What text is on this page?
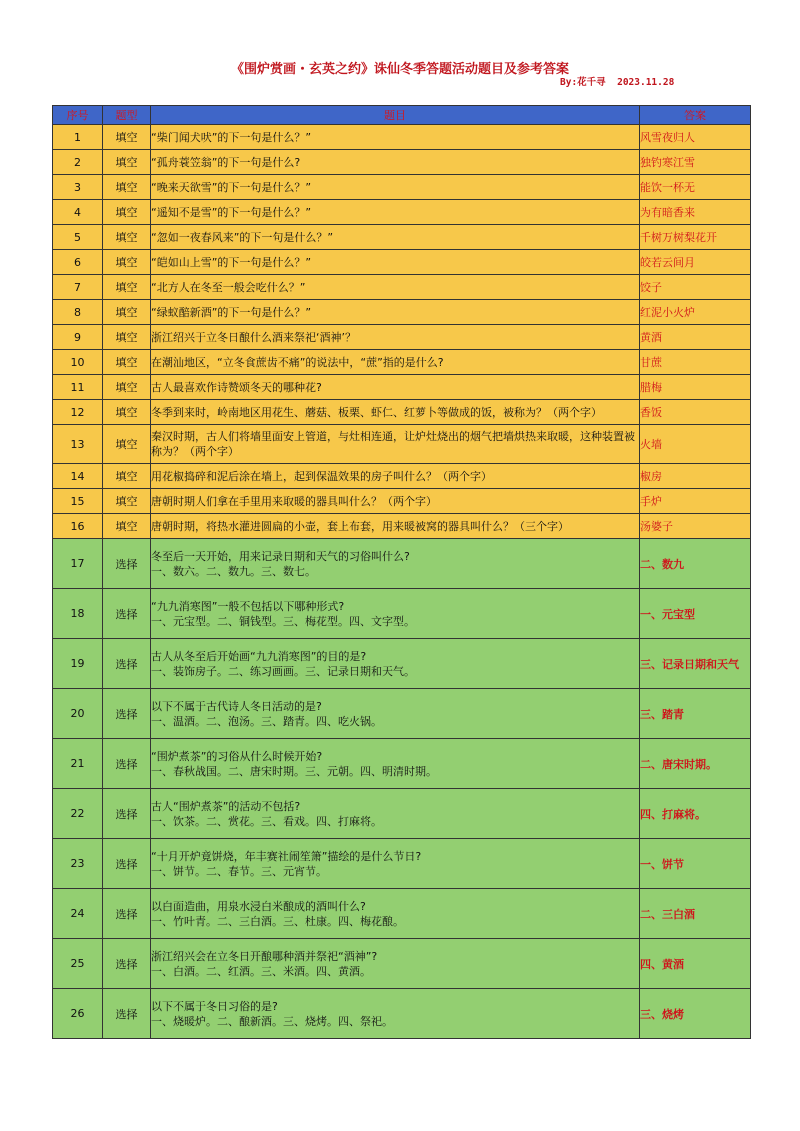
《围炉赏画・玄英之约》诛仙冬季答题活动题目及参考答案
By:花千寻  2023.11.28
序号	题型	题目	答案
1	填空	“柴门闻犬吠”的下一句是什么？”	风雪夜归人
2	填空	“孤舟蓑笠翁”的下一句是什么?	独钓寒江雪
3	填空	“晚来天欲雪”的下一句是什么？”	能饮一杯无
4	填空	“遥知不是雪”的下一句是什么？”	为有暗香来
5	填空	“忽如一夜春风来”的下一句是什么？”	千树万树梨花开
6	填空	“皑如山上雪”的下一句是什么？”	皎若云间月
7	填空	“北方人在冬至一般会吃什么？”	饺子
8	填空	“绿蚁醅新酒”的下一句是什么？”	红泥小火炉
9	填空	浙江绍兴于立冬日酿什么酒来祭祀‘酒神’？	黄酒
10	填空	在潮汕地区，“立冬食蔗齿不痛”的说法中，“蔗”指的是什么?	甘蔗
11	填空	古人最喜欢作诗赞颂冬天的哪种花?	腊梅
12	填空	冬季到来时，岭南地区用花生、蘑菇、板栗、虾仁、红萝卜等做成的饭，被称为？（两个字）	香饭
13	填空	秦汉时期，古人们将墙里面安上管道，与灶相连通，让炉灶烧出的烟气把墙烘热来取暖，这种装置被称为？（两个字）	火墙
14	填空	用花椒捣碎和泥后涂在墙上，起到保温效果的房子叫什么？（两个字）	椒房
15	填空	唐朝时期人们拿在手里用来取暖的器具叫什么？（两个字）	手炉
16	填空	唐朝时期，将热水灌进圆扁的小壶，套上布套，用来暖被窝的器具叫什么？（三个字）	汤婆子
17	选择	冬至后一天开始，用来记录日期和天气的习俗叫什么?
一、数六。二、数九。三、数七。	二、数九
18	选择	“九九消寒图”一般不包括以下哪种形式?
一、元宝型。二、铜钱型。三、梅花型。四、文字型。	一、元宝型
19	选择	古人从冬至后开始画“九九消寒图”的目的是?
一、装饰房子。二、练习画画。三、记录日期和天气。	三、记录日期和天气
20	选择	以下不属于古代诗人冬日活动的是?
一、温酒。二、泡汤。三、踏青。四、吃火锅。	三、踏青
21	选择	“围炉煮茶”的习俗从什么时候开始?
一、春秋战国。二、唐宋时期。三、元朝。四、明清时期。	二、唐宋时期。
22	选择	古人“围炉煮茶”的活动不包括?
一、饮茶。二、赏花。三、看戏。四、打麻将。	四、打麻将。
23	选择	“十月开炉竟饼烧，年丰赛社闹笙箫”描绘的是什么节日?
一、饼节。二、春节。三、元宵节。	一、饼节
24	选择	以白面造曲，用泉水浸白米酿成的酒叫什么?
一、竹叶青。二、三白酒。三、杜康。四、梅花酿。	二、三白酒
25	选择	浙江绍兴会在立冬日开酿哪种酒并祭祀“酒神”?
一、白酒。二、红酒。三、米酒。四、黄酒。	四、黄酒
26	选择	以下不属于冬日习俗的是?
一、烧暖炉。二、酿新酒。三、烧烤。四、祭祀。	三、烧烤
